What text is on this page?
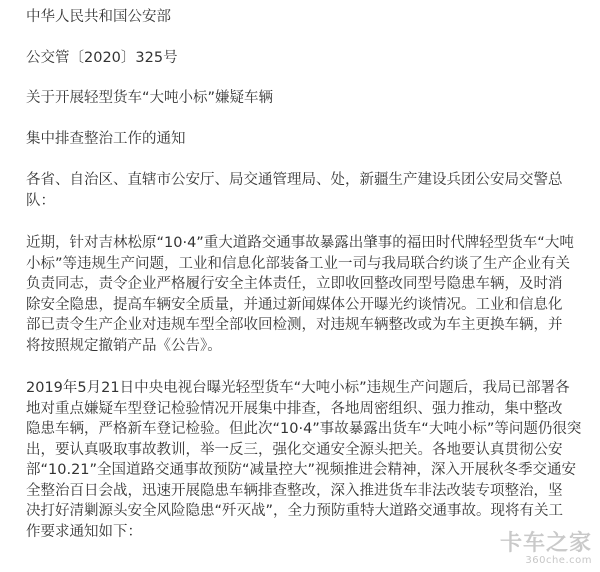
中华人民共和国公安部

公交管〔2020〕325号

关于开展轻型货车“大吨小标”嫌疑车辆

集中排查整治工作的通知

各省、自治区、直辖市公安厅、局交通管理局、处，新疆生产建设兵团公安局交警总
队：
近期，针对吉林松原“10·4”重大道路交通事故暴露出肇事的福田时代牌轻型货车“大吨
小标”等违规生产问题，工业和信息化部装备工业一司与我局联合约谈了生产企业有关
负责同志，责令企业严格履行安全主体责任，立即收回整改同型号隐患车辆，及时消
除安全隐患，提高车辆安全质量，并通过新闻媒体公开曝光约谈情况。工业和信息化
部已责令生产企业对违规车型全部收回检测，对违规车辆整改或为车主更换车辆，并
将按照规定撤销产品《公告》。
2019年5月21日中央电视台曝光轻型货车“大吨小标”违规生产问题后，我局已部署各
地对重点嫌疑车型登记检验情况开展集中排查，各地周密组织、强力推动，集中整改
隐患车辆，严格新车登记检验。但此次“10·4”事故暴露出货车“大吨小标”等问题仍很突
出，要认真吸取事故教训，举一反三，强化交通安全源头把关。各地要认真贯彻公安
部“10.21”全国道路交通事故预防“减量控大”视频推进会精神，深入开展秋冬季交通安
全整治百日会战，迅速开展隐患车辆排查整改，深入推进货车非法改装专项整治，坚
决打好清剿源头安全风险隐患“歼灭战”，全力预防重特大道路交通事故。现将有关工
作要求通知如下：	卡车之家
360che.com
